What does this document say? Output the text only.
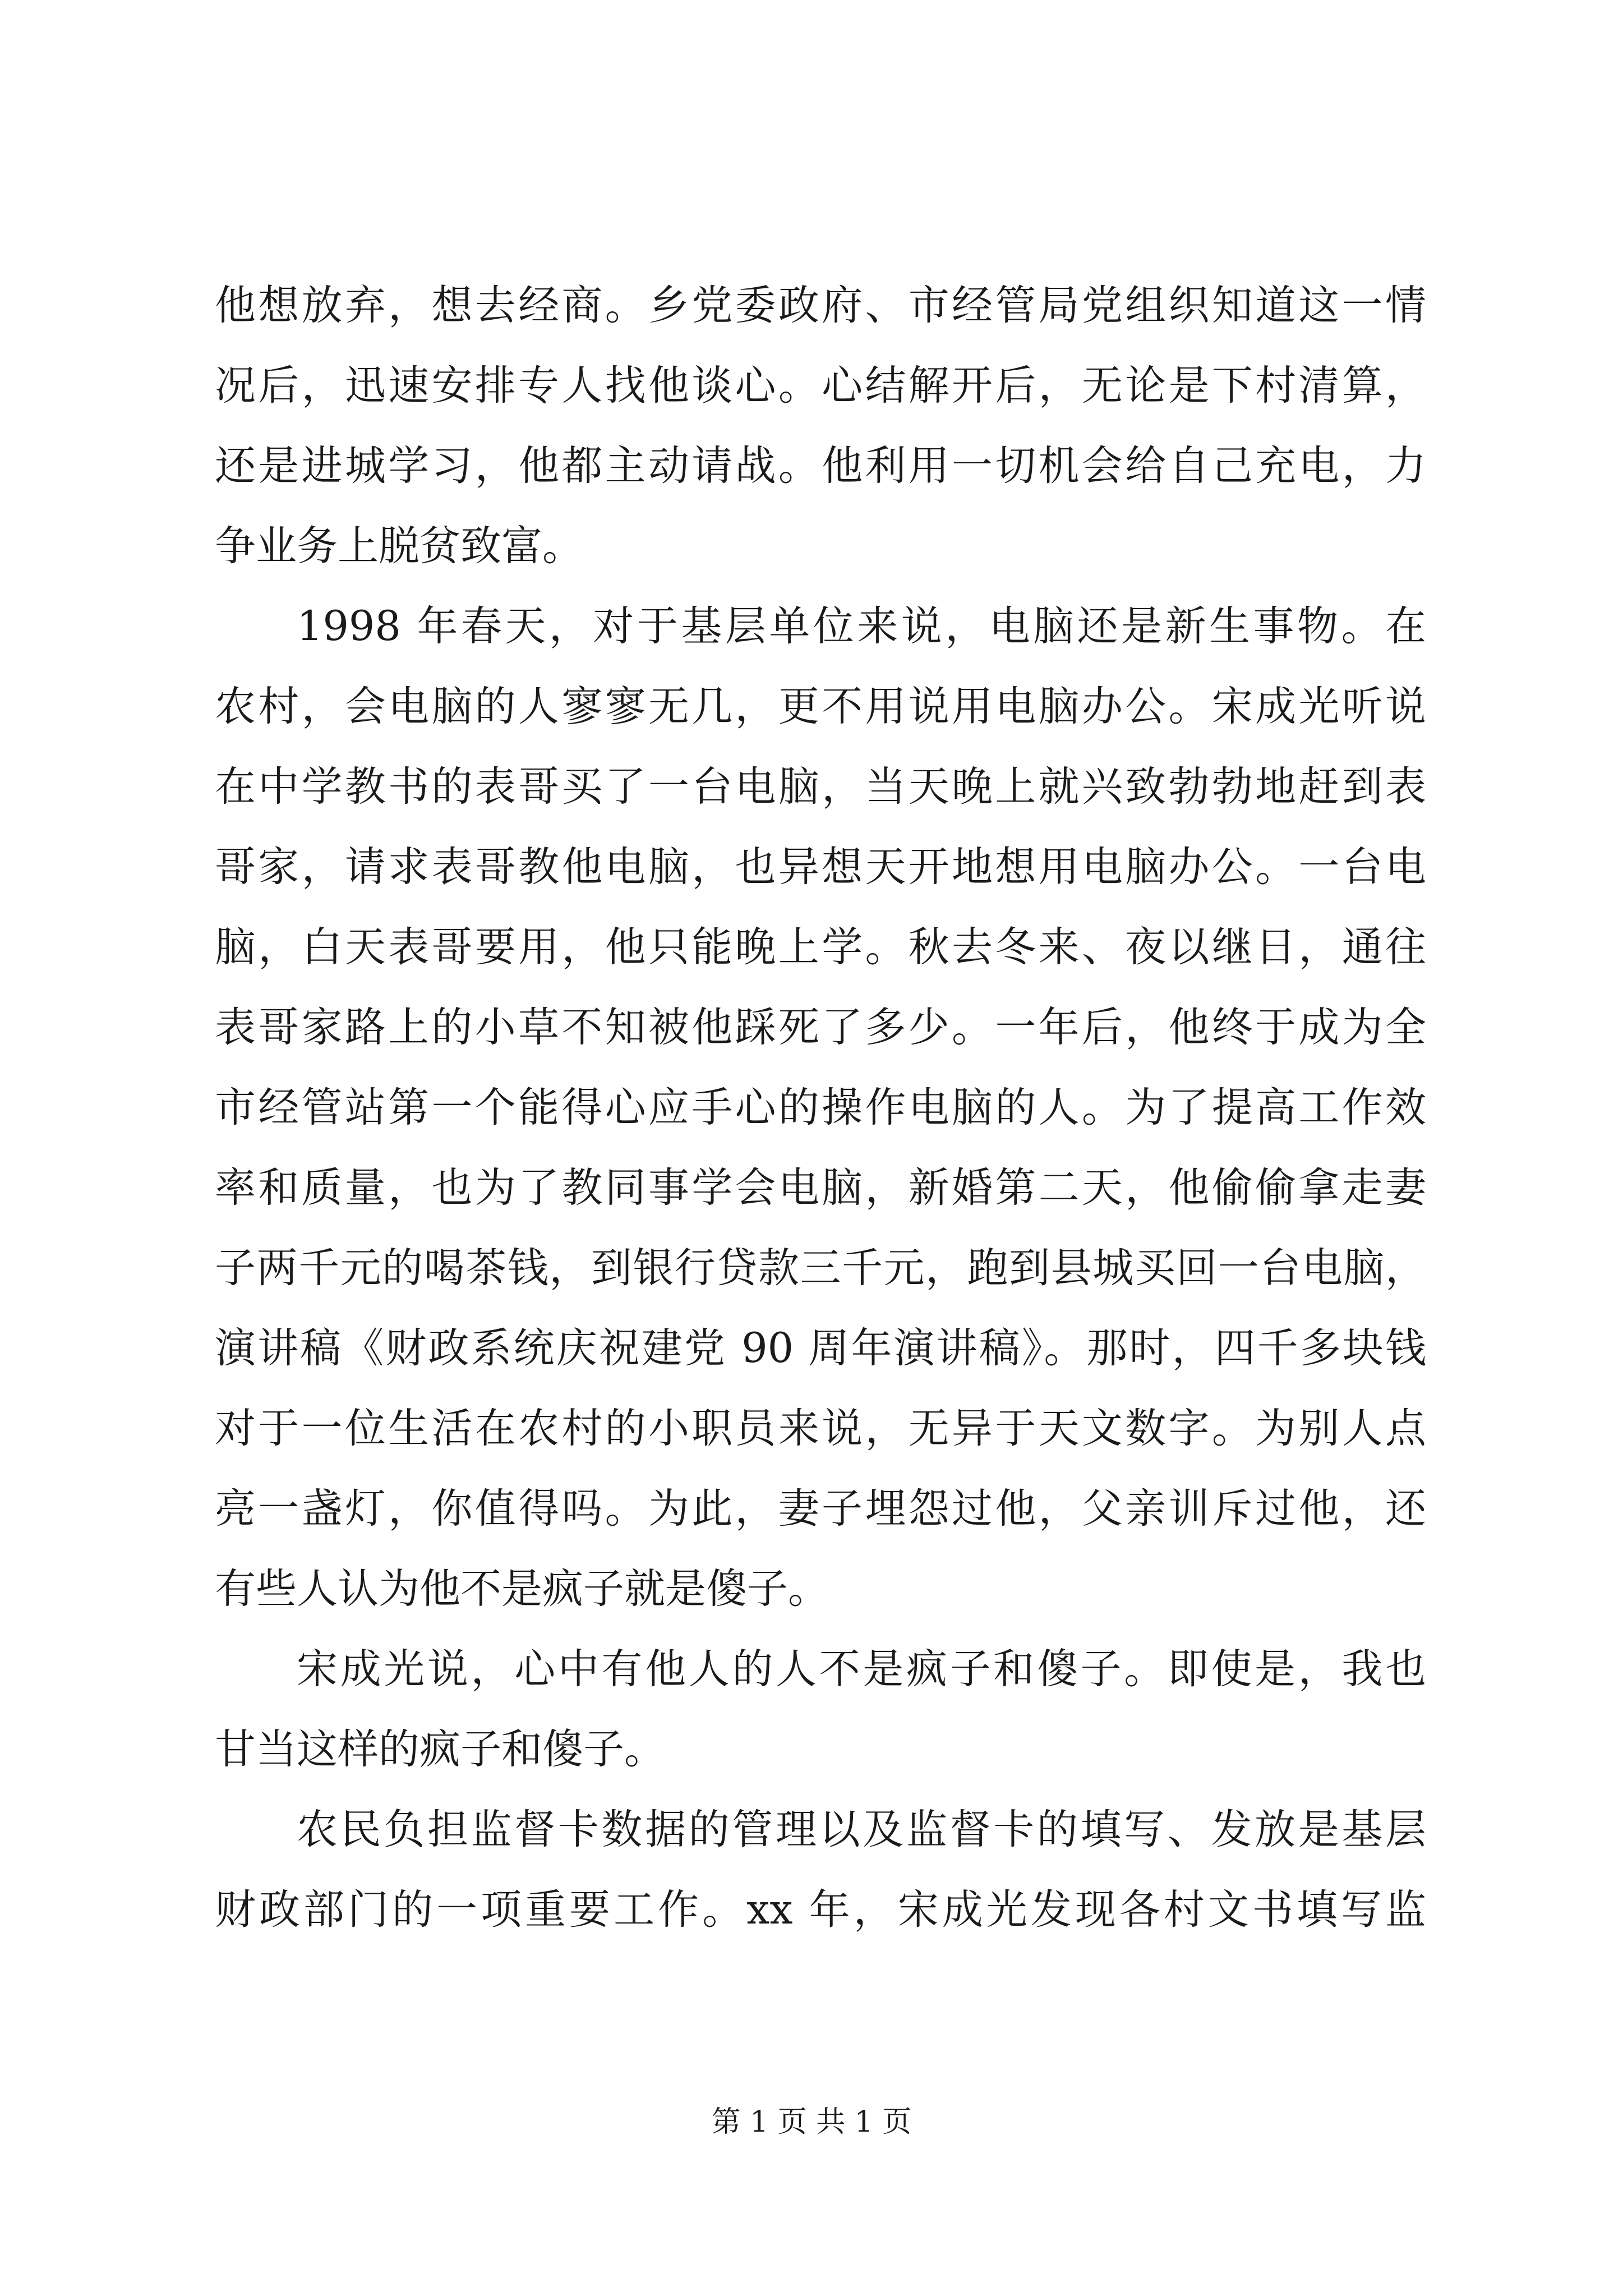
他想放弃，想去经商。乡党委政府、市经管局党组织知道这一情
况后，迅速安排专人找他谈心。心结解开后，无论是下村清算，
还是进城学习，他都主动请战。他利用一切机会给自己充电，力
争业务上脱贫致富。
1998 年春天，对于基层单位来说，电脑还是新生事物。在
农村，会电脑的人寥寥无几，更不用说用电脑办公。宋成光听说
在中学教书的表哥买了一台电脑，当天晚上就兴致勃勃地赶到表
哥家，请求表哥教他电脑，也异想天开地想用电脑办公。一台电
脑，白天表哥要用，他只能晚上学。秋去冬来、夜以继日，通往
表哥家路上的小草不知被他踩死了多少。一年后，他终于成为全
市经管站第一个能得心应手心的操作电脑的人。为了提高工作效
率和质量，也为了教同事学会电脑，新婚第二天，他偷偷拿走妻
子两千元的喝茶钱，到银行贷款三千元，跑到县城买回一台电脑，
演讲稿《财政系统庆祝建党 90 周年演讲稿》。那时，四千多块钱
对于一位生活在农村的小职员来说，无异于天文数字。为别人点
亮一盏灯，你值得吗。为此，妻子埋怨过他，父亲训斥过他，还
有些人认为他不是疯子就是傻子。
宋成光说，心中有他人的人不是疯子和傻子。即使是，我也
甘当这样的疯子和傻子。
农民负担监督卡数据的管理以及监督卡的填写、发放是基层
财政部门的一项重要工作。xx 年，宋成光发现各村文书填写监
第 1 页 共 1 页
